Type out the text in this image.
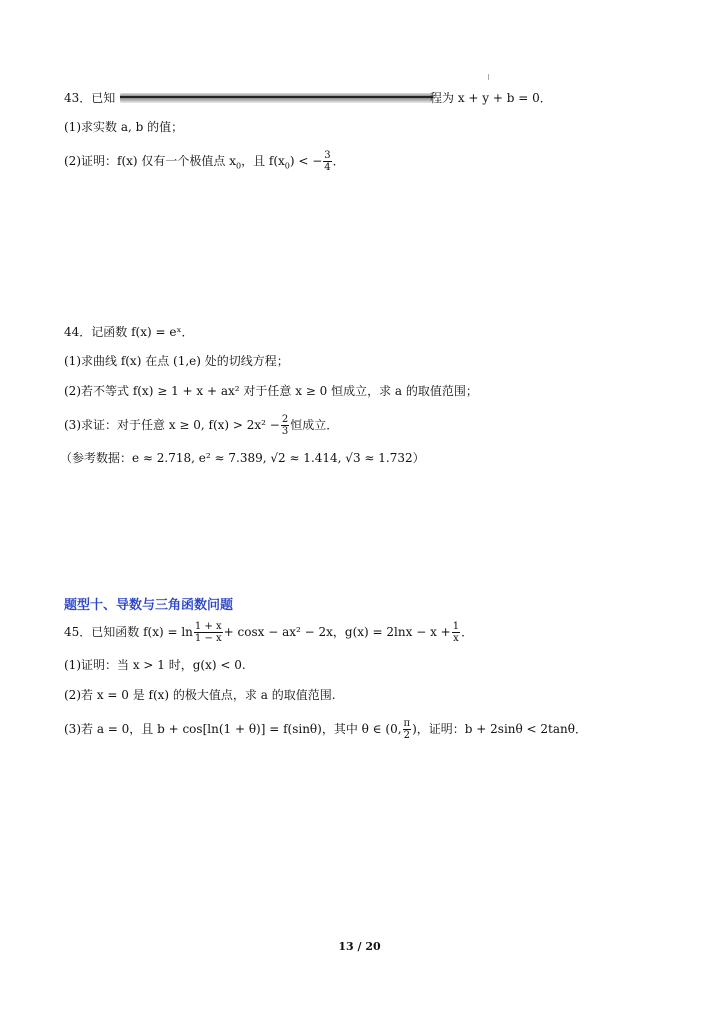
43．已知	程为 x + y + b = 0．
(1)求实数 a, b 的值；
(2)证明：f(x) 仅有一个极值点 $x_0$，且 $f(x_0)$ < − $\frac{3}{4}$ ．
44．记函数 f(x) = eˣ．
(1)求曲线 f(x) 在点 (1,e) 处的切线方程；
(2)若不等式 f(x) ≥ 1 + x + ax² 对于任意 x ≥ 0 恒成立，求 a 的取值范围；
(3)求证：对于任意 x ≥ 0, $f(x) > 2x^2 - \frac{2}{3}$ 恒成立．
（参考数据：e ≈ 2.718, e² ≈ 7.389, √2 ≈ 1.414, √3 ≈ 1.732）
题型十、导数与三角函数问题
45．已知函数 $f(x) = \ln \frac{1 + x}{1 - x} + \cos x - ax^2 - 2x$，$g(x) = 2\ln x - x + \frac{1}{x}$ ．
(1)证明：当 x > 1 时，g(x) < 0.
(2)若 x = 0 是 f(x) 的极大值点，求 a 的取值范围.
(3)若 a = 0，且 b + cos[ln(1 + θ)] = f(sinθ)，其中 θ ∈ (0, $\frac{\pi}{2}$ )，证明：b + 2sinθ < 2tanθ．
13 / 20
